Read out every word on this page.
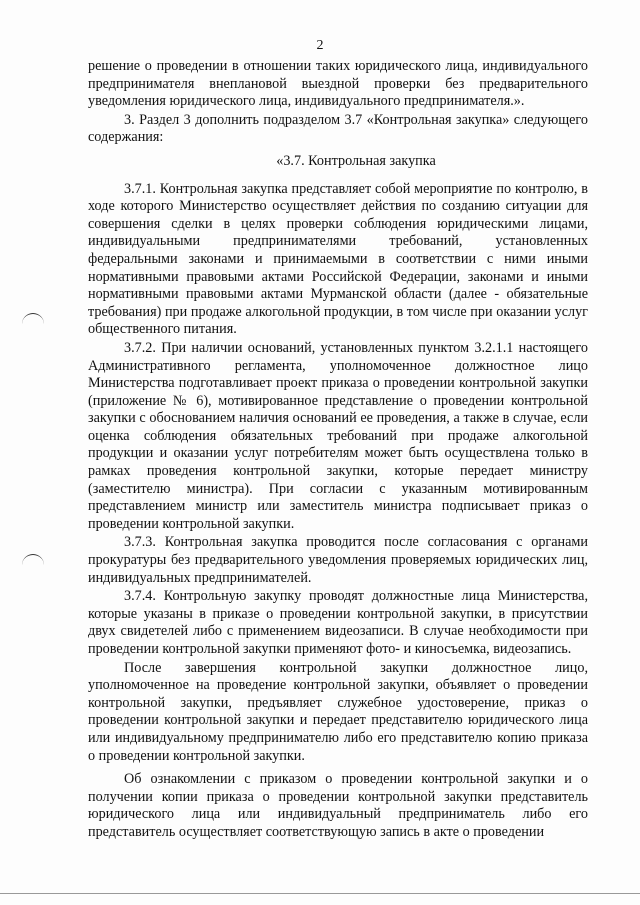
2

решение о проведении в отношении таких юридического лица, индивидуального предпринимателя внеплановой выездной проверки без предварительного уведомления юридического лица, индивидуального предпринимателя.».

3. Раздел 3 дополнить подразделом 3.7 «Контрольная закупка» следующего содержания:

«3.7. Контрольная закупка

3.7.1. Контрольная закупка представляет собой мероприятие по контролю, в ходе которого Министерство осуществляет действия по созданию ситуации для совершения сделки в целях проверки соблюдения юридическими лицами, индивидуальными предпринимателями требований, установленных федеральными законами и принимаемыми в соответствии с ними иными нормативными правовыми актами Российской Федерации, законами и иными нормативными правовыми актами Мурманской области (далее - обязательные требования) при продаже алкогольной продукции, в том числе при оказании услуг общественного питания.

3.7.2. При наличии оснований, установленных пунктом 3.2.1.1 настоящего Административного регламента, уполномоченное должностное лицо Министерства подготавливает проект приказа о проведении контрольной закупки (приложение № 6), мотивированное представление о проведении контрольной закупки с обоснованием наличия оснований ее проведения, а также в случае, если оценка соблюдения обязательных требований при продаже алкогольной продукции и оказании услуг потребителям может быть осуществлена только в рамках проведения контрольной закупки, которые передает министру (заместителю министра). При согласии с указанным мотивированным представлением министр или заместитель министра подписывает приказ о проведении контрольной закупки.

3.7.3. Контрольная закупка проводится после согласования с органами прокуратуры без предварительного уведомления проверяемых юридических лиц, индивидуальных предпринимателей.

3.7.4. Контрольную закупку проводят должностные лица Министерства, которые указаны в приказе о проведении контрольной закупки, в присутствии двух свидетелей либо с применением видеозаписи. В случае необходимости при проведении контрольной закупки применяют фото- и киносъемка, видеозапись.

После завершения контрольной закупки должностное лицо, уполномоченное на проведение контрольной закупки, объявляет о проведении контрольной закупки, предъявляет служебное удостоверение, приказ о проведении контрольной закупки и передает представителю юридического лица или индивидуальному предпринимателю либо его представителю копию приказа о проведении контрольной закупки.

Об ознакомлении с приказом о проведении контрольной закупки и о получении копии приказа о проведении контрольной закупки представитель юридического лица или индивидуальный предприниматель либо его представитель осуществляет соответствующую запись в акте о проведении
